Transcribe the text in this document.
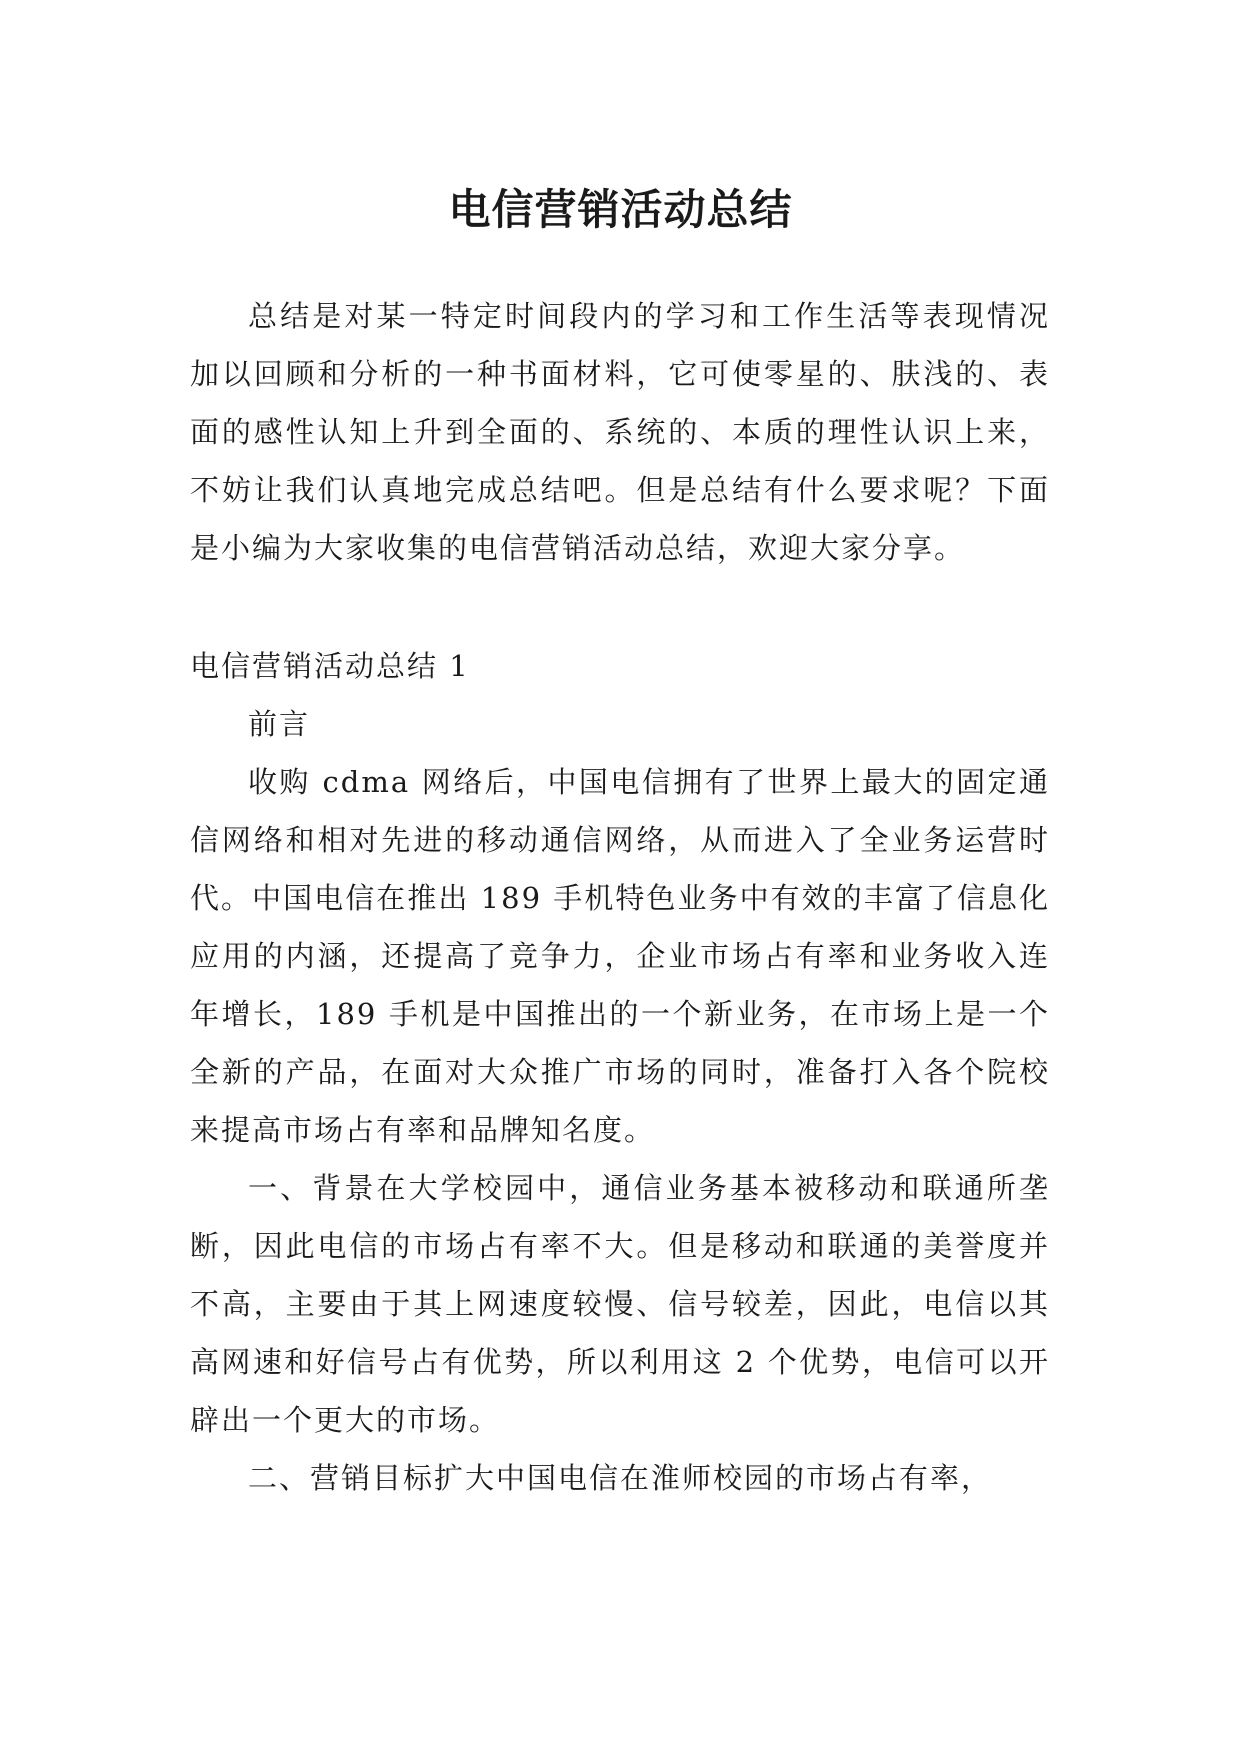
电信营销活动总结

总结是对某一特定时间段内的学习和工作生活等表现情况加以回顾和分析的一种书面材料，它可使零星的、肤浅的、表面的感性认知上升到全面的、系统的、本质的理性认识上来，不妨让我们认真地完成总结吧。但是总结有什么要求呢？下面是小编为大家收集的电信营销活动总结，欢迎大家分享。

电信营销活动总结 1

前言

收购 cdma 网络后，中国电信拥有了世界上最大的固定通信网络和相对先进的移动通信网络，从而进入了全业务运营时代。中国电信在推出 189 手机特色业务中有效的丰富了信息化应用的内涵，还提高了竞争力，企业市场占有率和业务收入连年增长，189 手机是中国推出的一个新业务，在市场上是一个全新的产品，在面对大众推广市场的同时，准备打入各个院校来提高市场占有率和品牌知名度。

一、背景在大学校园中，通信业务基本被移动和联通所垄断，因此电信的市场占有率不大。但是移动和联通的美誉度并不高，主要由于其上网速度较慢、信号较差，因此，电信以其高网速和好信号占有优势，所以利用这 2 个优势，电信可以开辟出一个更大的市场。

二、营销目标扩大中国电信在淮师校园的市场占有率，
